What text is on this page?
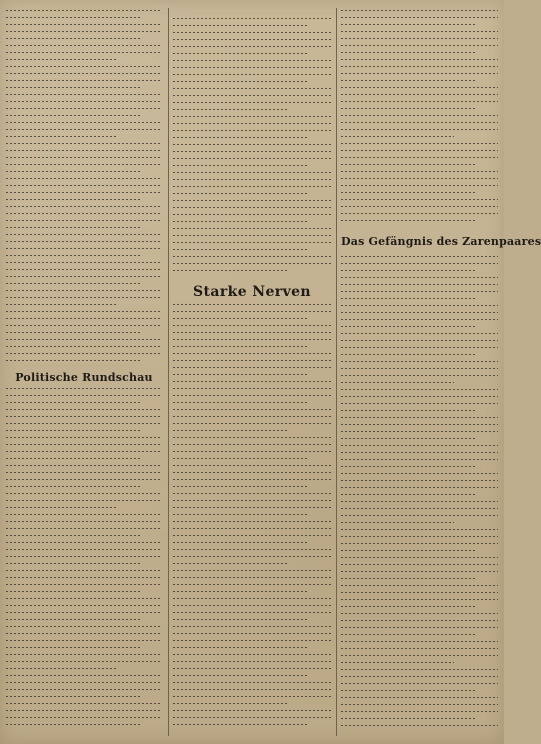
Politische Rundschau
Starke Nerven
Das Gefängnis des Zarenpaares
